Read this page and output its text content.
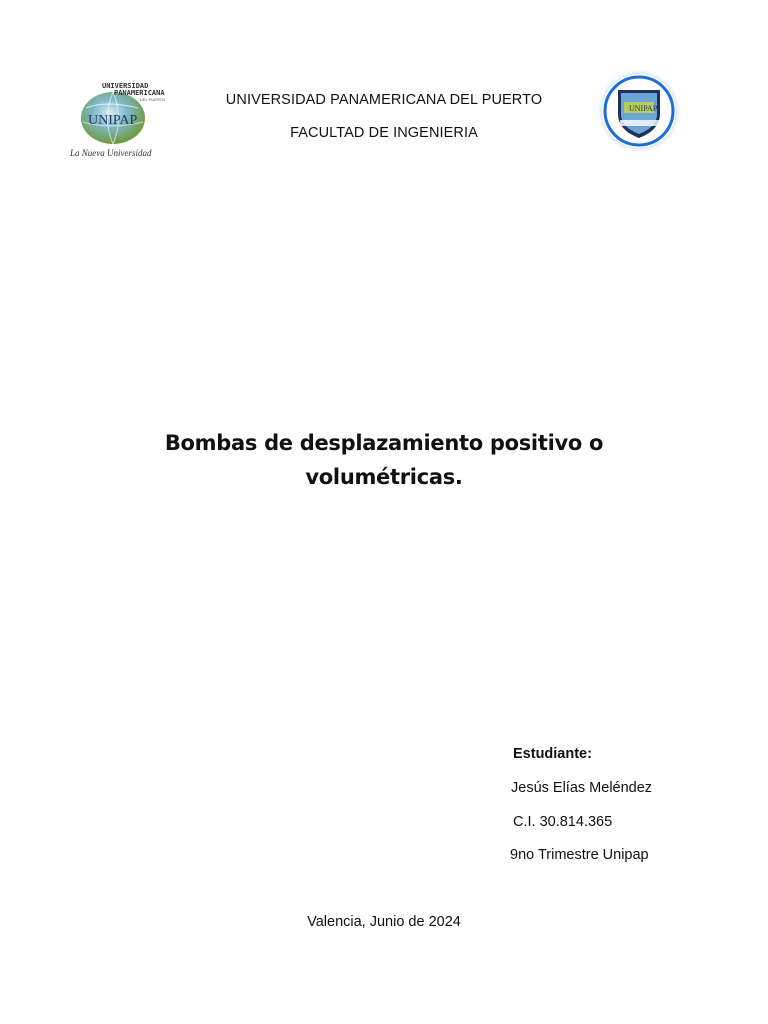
UNIVERSIDAD
PANAMERICANA
DEL PUERTO
UNIPAP
La Nueva Universidad
UNIVERSIDAD PANAMERICANA DEL PUERTO
FACULTAD DE INGENIERIA
UNIPAP
Bombas de desplazamiento positivo o
volumétricas.
Estudiante:
Jesús Elías Meléndez
C.I. 30.814.365
9no Trimestre Unipap
Valencia, Junio de 2024
